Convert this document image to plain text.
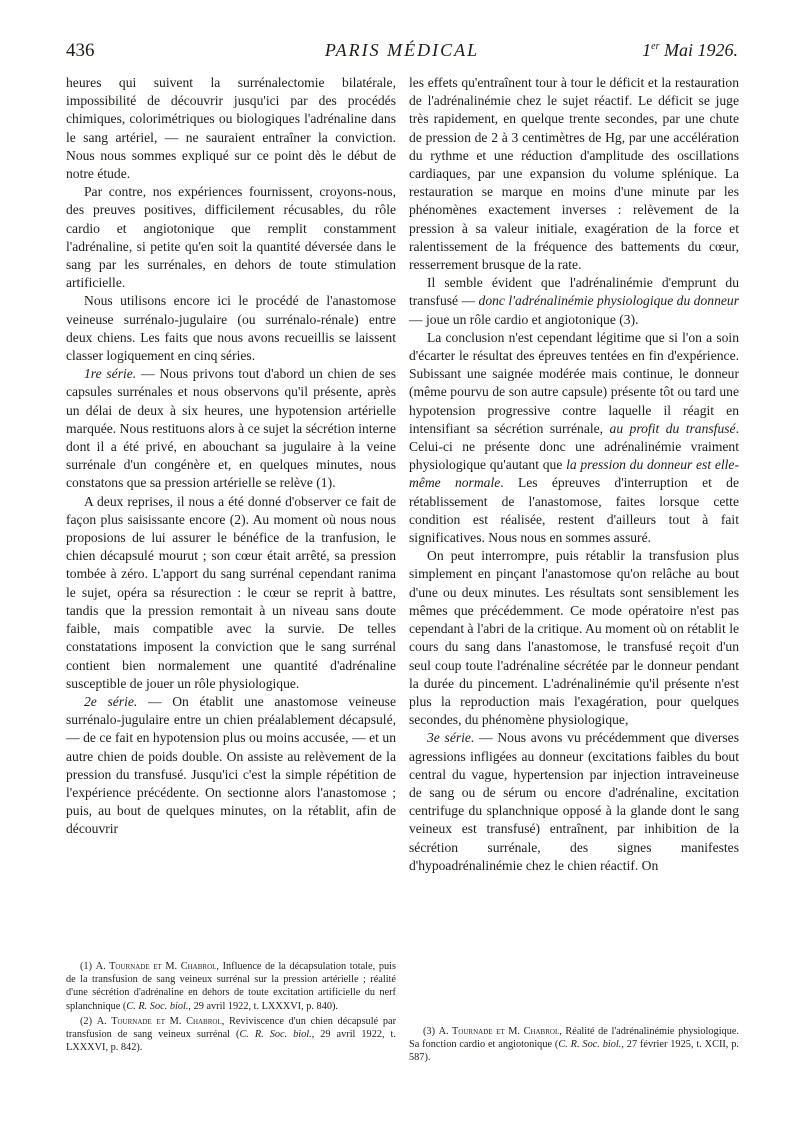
436	PARIS MÉDICAL	1er Mai 1926.

heures qui suivent la surrénalectomie bilatérale, impossibilité de découvrir jusqu'ici par des procédés chimiques, colorimétriques ou biologiques l'adrénaline dans le sang artériel, — ne sauraient entraîner la conviction. Nous nous sommes expliqué sur ce point dès le début de notre étude.

Par contre, nos expériences fournissent, croyons-nous, des preuves positives, difficilement récusables, du rôle cardio et angiotonique que remplit constamment l'adrénaline, si petite qu'en soit la quantité déversée dans le sang par les surrénales, en dehors de toute stimulation artificielle.

Nous utilisons encore ici le procédé de l'anastomose veineuse surrénalo-jugulaire (ou surrénalo-rénale) entre deux chiens. Les faits que nous avons recueillis se laissent classer logiquement en cinq séries.

1re série. — Nous privons tout d'abord un chien de ses capsules surrénales et nous observons qu'il présente, après un délai de deux à six heures, une hypotension artérielle marquée. Nous restituons alors à ce sujet la sécrétion interne dont il a été privé, en abouchant sa jugulaire à la veine surrénale d'un congénère et, en quelques minutes, nous constatons que sa pression artérielle se relève (1).

A deux reprises, il nous a été donné d'observer ce fait de façon plus saisissante encore (2). Au moment où nous nous proposions de lui assurer le bénéfice de la tranfusion, le chien décapsulé mourut ; son cœur était arrêté, sa pression tombée à zéro. L'apport du sang surrénal cependant ranima le sujet, opéra sa résurection : le cœur se reprit à battre, tandis que la pression remontait à un niveau sans doute faible, mais compatible avec la survie. De telles constatations imposent la conviction que le sang surrénal contient bien normalement une quantité d'adrénaline susceptible de jouer un rôle physiologique.

2e série. — On établit une anastomose veineuse surrénalo-jugulaire entre un chien préalablement décapsulé, — de ce fait en hypotension plus ou moins accusée, — et un autre chien de poids double. On assiste au relèvement de la pression du transfusé. Jusqu'ici c'est la simple répétition de l'expérience précédente. On sectionne alors l'anastomose ; puis, au bout de quelques minutes, on la rétablit, afin de découvrir

les effets qu'entraînent tour à tour le déficit et la restauration de l'adrénalinémie chez le sujet réactif. Le déficit se juge très rapidement, en quelque trente secondes, par une chute de pression de 2 à 3 centimètres de Hg, par une accélération du rythme et une réduction d'amplitude des oscillations cardiaques, par une expansion du volume splénique. La restauration se marque en moins d'une minute par les phénomènes exactement inverses : relèvement de la pression à sa valeur initiale, exagération de la force et ralentissement de la fréquence des battements du cœur, resserrement brusque de la rate.

Il semble évident que l'adrénalinémie d'emprunt du transfusé — donc l'adrénalinémie physiologique du donneur — joue un rôle cardio et angiotonique (3).

La conclusion n'est cependant légitime que si l'on a soin d'écarter le résultat des épreuves tentées en fin d'expérience. Subissant une saignée modérée mais continue, le donneur (même pourvu de son autre capsule) présente tôt ou tard une hypotension progressive contre laquelle il réagit en intensifiant sa sécrétion surrénale, au profit du transfusé. Celui-ci ne présente donc une adrénalinémie vraiment physiologique qu'autant que la pression du donneur est elle-même normale. Les épreuves d'interruption et de rétablissement de l'anastomose, faites lorsque cette condition est réalisée, restent d'ailleurs tout à fait significatives. Nous nous en sommes assuré.

On peut interrompre, puis rétablir la transfusion plus simplement en pinçant l'anastomose qu'on relâche au bout d'une ou deux minutes. Les résultats sont sensiblement les mêmes que précédemment. Ce mode opératoire n'est pas cependant à l'abri de la critique. Au moment où on rétablit le cours du sang dans l'anastomose, le transfusé reçoit d'un seul coup toute l'adrénaline sécrétée par le donneur pendant la durée du pincement. L'adrénalinémie qu'il présente n'est plus la reproduction mais l'exagération, pour quelques secondes, du phénomène physiologique,

3e série. — Nous avons vu précédemment que diverses agressions infligées au donneur (excitations faibles du bout central du vague, hypertension par injection intraveineuse de sang ou de sérum ou encore d'adrénaline, excitation centrifuge du splanchnique opposé à la glande dont le sang veineux est transfusé) entraînent, par inhibition de la sécrétion surrénale, des signes manifestes d'hypoadrénalinémie chez le chien réactif. On

(1) A. Tournade et M. Chabrol, Influence de la décapsulation totale, puis de la transfusion de sang veineux surrénal sur la pression artérielle ; réalité d'une sécrétion d'adrénaline en dehors de toute excitation artificielle du nerf splanchnique (C. R. Soc. biol., 29 avril 1922, t. LXXXVI, p. 840).

(2) A. Tournade et M. Chabrol, Reviviscence d'un chien décapsulé par transfusion de sang veineux surrénal (C. R. Soc. biol., 29 avril 1922, t. LXXXVI, p. 842).

(3) A. Tournade et M. Chabrol, Réalité de l'adrénalinémie physiologique. Sa fonction cardio et angiotonique (C. R. Soc. biol., 27 février 1925, t. XCII, p. 587).
